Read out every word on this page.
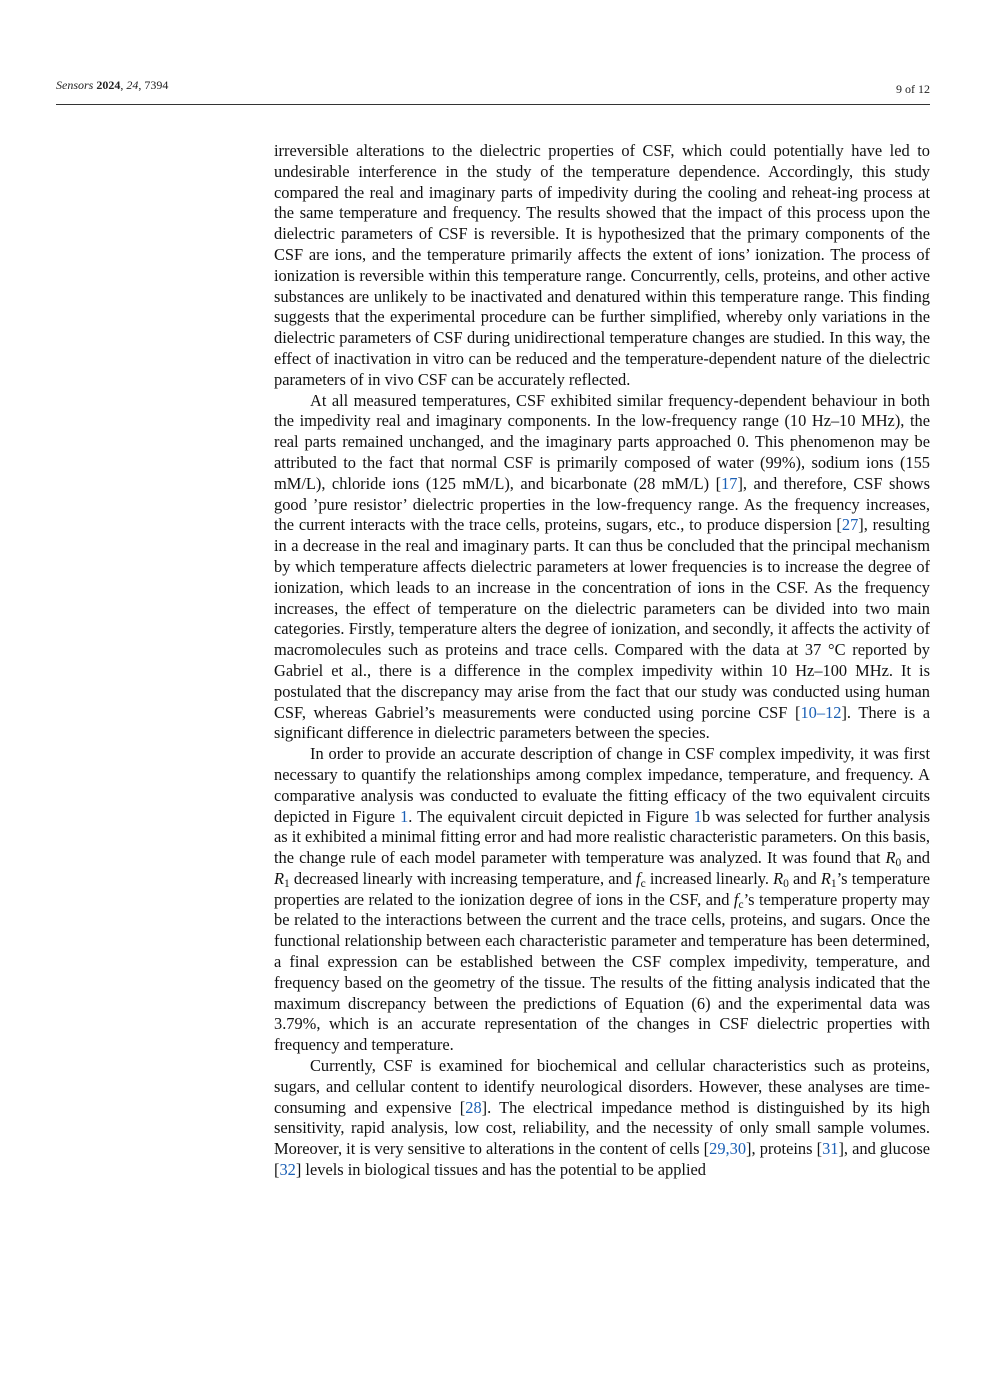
Sensors 2024, 24, 7394	9 of 12

irreversible alterations to the dielectric properties of CSF, which could potentially have led to undesirable interference in the study of the temperature dependence. Accordingly, this study compared the real and imaginary parts of impedivity during the cooling and reheat-ing process at the same temperature and frequency. The results showed that the impact of this process upon the dielectric parameters of CSF is reversible. It is hypothesized that the primary components of the CSF are ions, and the temperature primarily affects the extent of ions’ ionization. The process of ionization is reversible within this temperature range. Concurrently, cells, proteins, and other active substances are unlikely to be inactivated and denatured within this temperature range. This finding suggests that the experimental procedure can be further simplified, whereby only variations in the dielectric parameters of CSF during unidirectional temperature changes are studied. In this way, the effect of inactivation in vitro can be reduced and the temperature-dependent nature of the dielectric parameters of in vivo CSF can be accurately reflected.

At all measured temperatures, CSF exhibited similar frequency-dependent behaviour in both the impedivity real and imaginary components. In the low-frequency range (10 Hz–10 MHz), the real parts remained unchanged, and the imaginary parts approached 0. This phenomenon may be attributed to the fact that normal CSF is primarily composed of water (99%), sodium ions (155 mM/L), chloride ions (125 mM/L), and bicarbonate (28 mM/L) [17], and therefore, CSF shows good ’pure resistor’ dielectric properties in the low-frequency range. As the frequency increases, the current interacts with the trace cells, proteins, sugars, etc., to produce dispersion [27], resulting in a decrease in the real and imaginary parts. It can thus be concluded that the principal mechanism by which temperature affects dielectric parameters at lower frequencies is to increase the degree of ionization, which leads to an increase in the concentration of ions in the CSF. As the frequency increases, the effect of temperature on the dielectric parameters can be divided into two main categories. Firstly, temperature alters the degree of ionization, and secondly, it affects the activity of macromolecules such as proteins and trace cells. Compared with the data at 37 °C reported by Gabriel et al., there is a difference in the complex impedivity within 10 Hz–100 MHz. It is postulated that the discrepancy may arise from the fact that our study was conducted using human CSF, whereas Gabriel’s measurements were conducted using porcine CSF [10–12]. There is a significant difference in dielectric parameters between the species.

In order to provide an accurate description of change in CSF complex impedivity, it was first necessary to quantify the relationships among complex impedance, temperature, and frequency. A comparative analysis was conducted to evaluate the fitting efficacy of the two equivalent circuits depicted in Figure 1. The equivalent circuit depicted in Figure 1b was selected for further analysis as it exhibited a minimal fitting error and had more realistic characteristic parameters. On this basis, the change rule of each model parameter with temperature was analyzed. It was found that $R_0$ and $R_1$ decreased linearly with increasing temperature, and $f_c$ increased linearly. $R_0$ and $R_1’s$ temperature properties are related to the ionization degree of ions in the CSF, and $f_c’s$ temperature property may be related to the interactions between the current and the trace cells, proteins, and sugars. Once the functional relationship between each characteristic parameter and temperature has been determined, a final expression can be established between the CSF complex impedivity, temperature, and frequency based on the geometry of the tissue. The results of the fitting analysis indicated that the maximum discrepancy between the predictions of Equation (6) and the experimental data was 3.79%, which is an accurate representation of the changes in CSF dielectric properties with frequency and temperature.

Currently, CSF is examined for biochemical and cellular characteristics such as proteins, sugars, and cellular content to identify neurological disorders. However, these analyses are time-consuming and expensive [28]. The electrical impedance method is distinguished by its high sensitivity, rapid analysis, low cost, reliability, and the necessity of only small sample volumes. Moreover, it is very sensitive to alterations in the content of cells [29,30], proteins [31], and glucose [32] levels in biological tissues and has the potential to be applied
